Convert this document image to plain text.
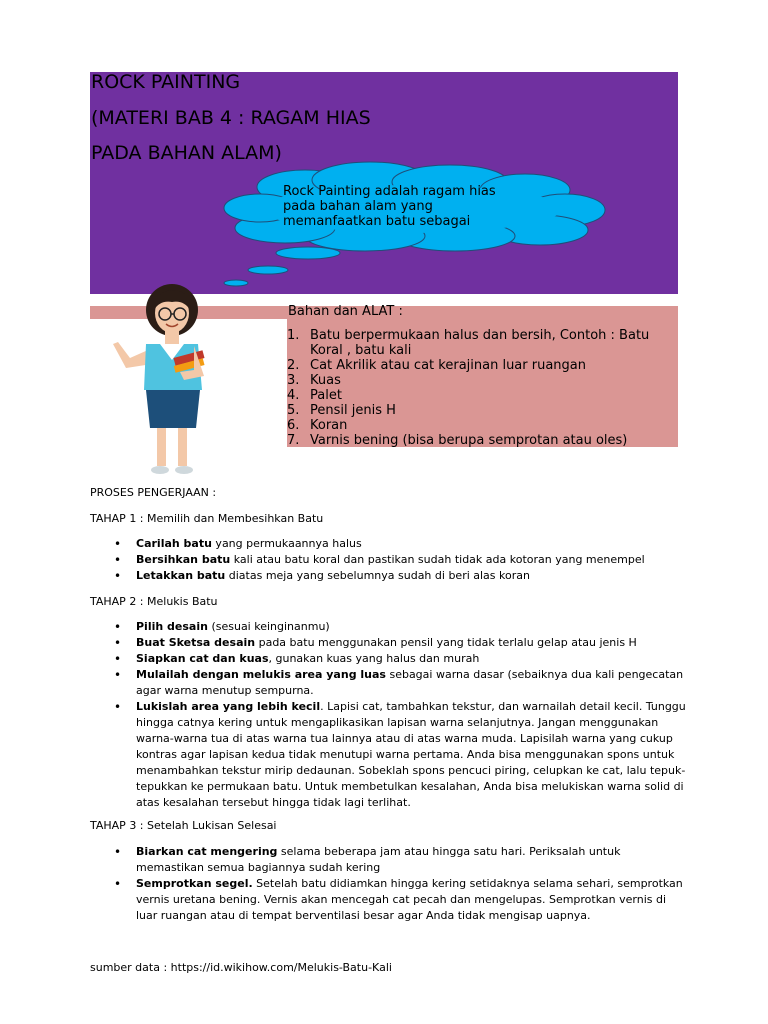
ROCK PAINTING
(MATERI BAB 4 : RAGAM HIAS
PADA BAHAN ALAM)
Rock Painting adalah ragam hias pada bahan alam yang memanfaatkan batu sebagai
Bahan dan ALAT :
1. Batu berpermukaan halus dan bersih, Contoh : Batu Koral , batu kali
2. Cat Akrilik atau cat kerajinan luar ruangan
3. Kuas
4. Palet
5. Pensil jenis H
6. Koran
7. Varnis bening (bisa berupa semprotan atau oles)
PROSES PENGERJAAN :
TAHAP 1 : Memilih dan Membesihkan Batu
• Carilah batu yang permukaannya halus
• Bersihkan batu kali atau batu koral dan pastikan sudah tidak ada kotoran yang menempel
• Letakkan batu diatas meja yang sebelumnya sudah di beri alas koran
TAHAP 2 : Melukis Batu
• Pilih desain (sesuai keinginanmu)
• Buat Sketsa desain pada batu menggunakan pensil yang tidak terlalu gelap atau jenis H
• Siapkan cat dan kuas, gunakan kuas yang halus dan murah
• Mulailah dengan melukis area yang luas sebagai warna dasar (sebaiknya dua kali pengecatan agar warna menutup sempurna.
• Lukislah area yang lebih kecil. Lapisi cat, tambahkan tekstur, dan warnailah detail kecil. Tunggu hingga catnya kering untuk mengaplikasikan lapisan warna selanjutnya. Jangan menggunakan warna-warna tua di atas warna tua lainnya atau di atas warna muda. Lapisilah warna yang cukup kontras agar lapisan kedua tidak menutupi warna pertama. Anda bisa menggunakan spons untuk menambahkan tekstur mirip dedaunan. Sobeklah spons pencuci piring, celupkan ke cat, lalu tepuk-tepukkan ke permukaan batu. Untuk membetulkan kesalahan, Anda bisa melukiskan warna solid di atas kesalahan tersebut hingga tidak lagi terlihat.
TAHAP 3 : Setelah Lukisan Selesai
• Biarkan cat mengering selama beberapa jam atau hingga satu hari. Periksalah untuk memastikan semua bagiannya sudah kering
• Semprotkan segel. Setelah batu didiamkan hingga kering setidaknya selama sehari, semprotkan vernis uretana bening. Vernis akan mencegah cat pecah dan mengelupas. Semprotkan vernis di luar ruangan atau di tempat berventilasi besar agar Anda tidak mengisap uapnya.
sumber data : https://id.wikihow.com/Melukis-Batu-Kali
